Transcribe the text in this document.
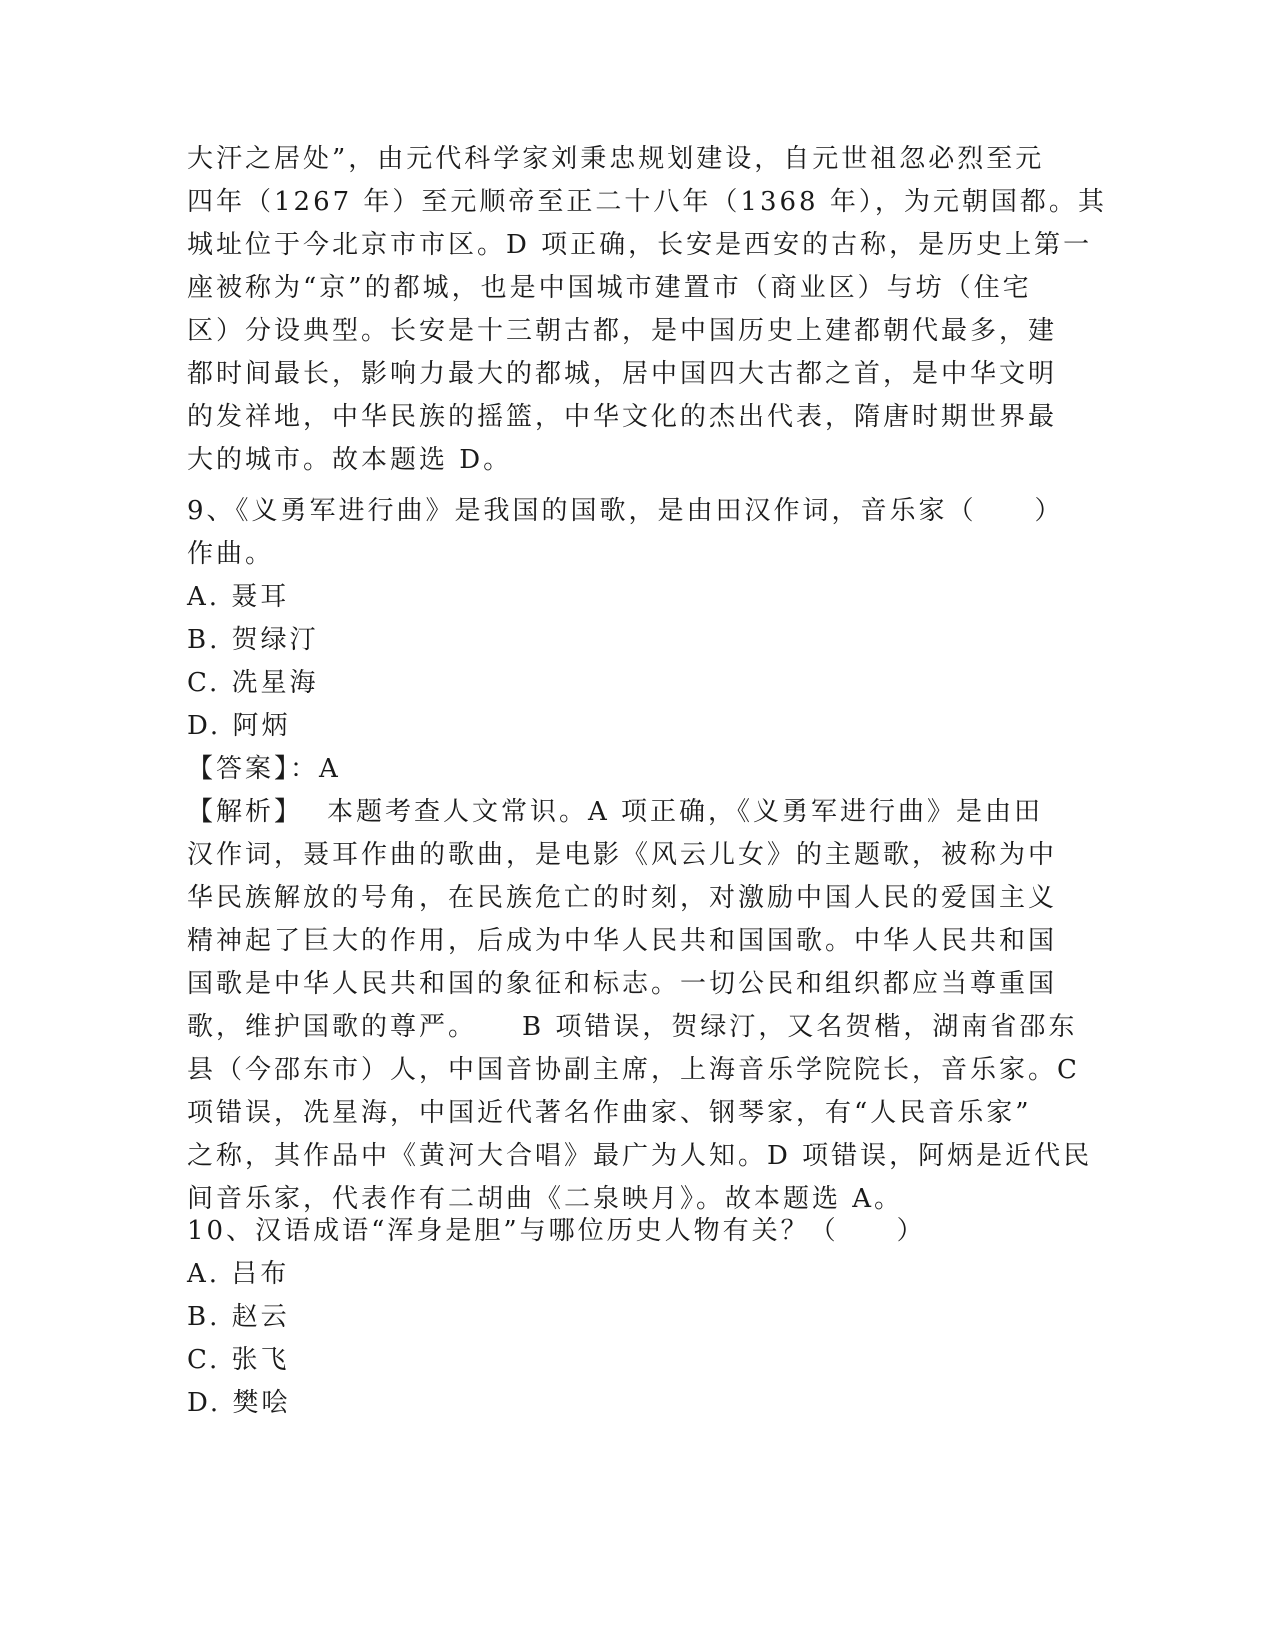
大汗之居处”，由元代科学家刘秉忠规划建设，自元世祖忽必烈至元
四年（1267 年）至元顺帝至正二十八年（1368 年），为元朝国都。其
城址位于今北京市市区。D 项正确，长安是西安的古称，是历史上第一
座被称为“京”的都城，也是中国城市建置市（商业区）与坊（住宅
区）分设典型。长安是十三朝古都，是中国历史上建都朝代最多，建
都时间最长，影响力最大的都城，居中国四大古都之首，是中华文明
的发祥地，中华民族的摇篮，中华文化的杰出代表，隋唐时期世界最
大的城市。故本题选 D。
9、《义勇军进行曲》是我国的国歌，是由田汉作词，音乐家（　　）
作曲。
A. 聂耳
B. 贺绿汀
C. 冼星海
D. 阿炳
【答案】：A
【解析】 本题考查人文常识。A 项正确，《义勇军进行曲》是由田
汉作词，聂耳作曲的歌曲，是电影《风云儿女》的主题歌，被称为中
华民族解放的号角，在民族危亡的时刻，对激励中国人民的爱国主义
精神起了巨大的作用，后成为中华人民共和国国歌。中华人民共和国
国歌是中华人民共和国的象征和标志。一切公民和组织都应当尊重国
歌，维护国歌的尊严。　　B 项错误，贺绿汀，又名贺楷，湖南省邵东
县（今邵东市）人，中国音协副主席，上海音乐学院院长，音乐家。C
项错误，冼星海，中国近代著名作曲家、钢琴家，有“人民音乐家”
之称，其作品中《黄河大合唱》最广为人知。D 项错误，阿炳是近代民
间音乐家，代表作有二胡曲《二泉映月》。故本题选 A。
10、汉语成语“浑身是胆”与哪位历史人物有关？（　　）
A. 吕布
B. 赵云
C. 张飞
D. 樊哙
